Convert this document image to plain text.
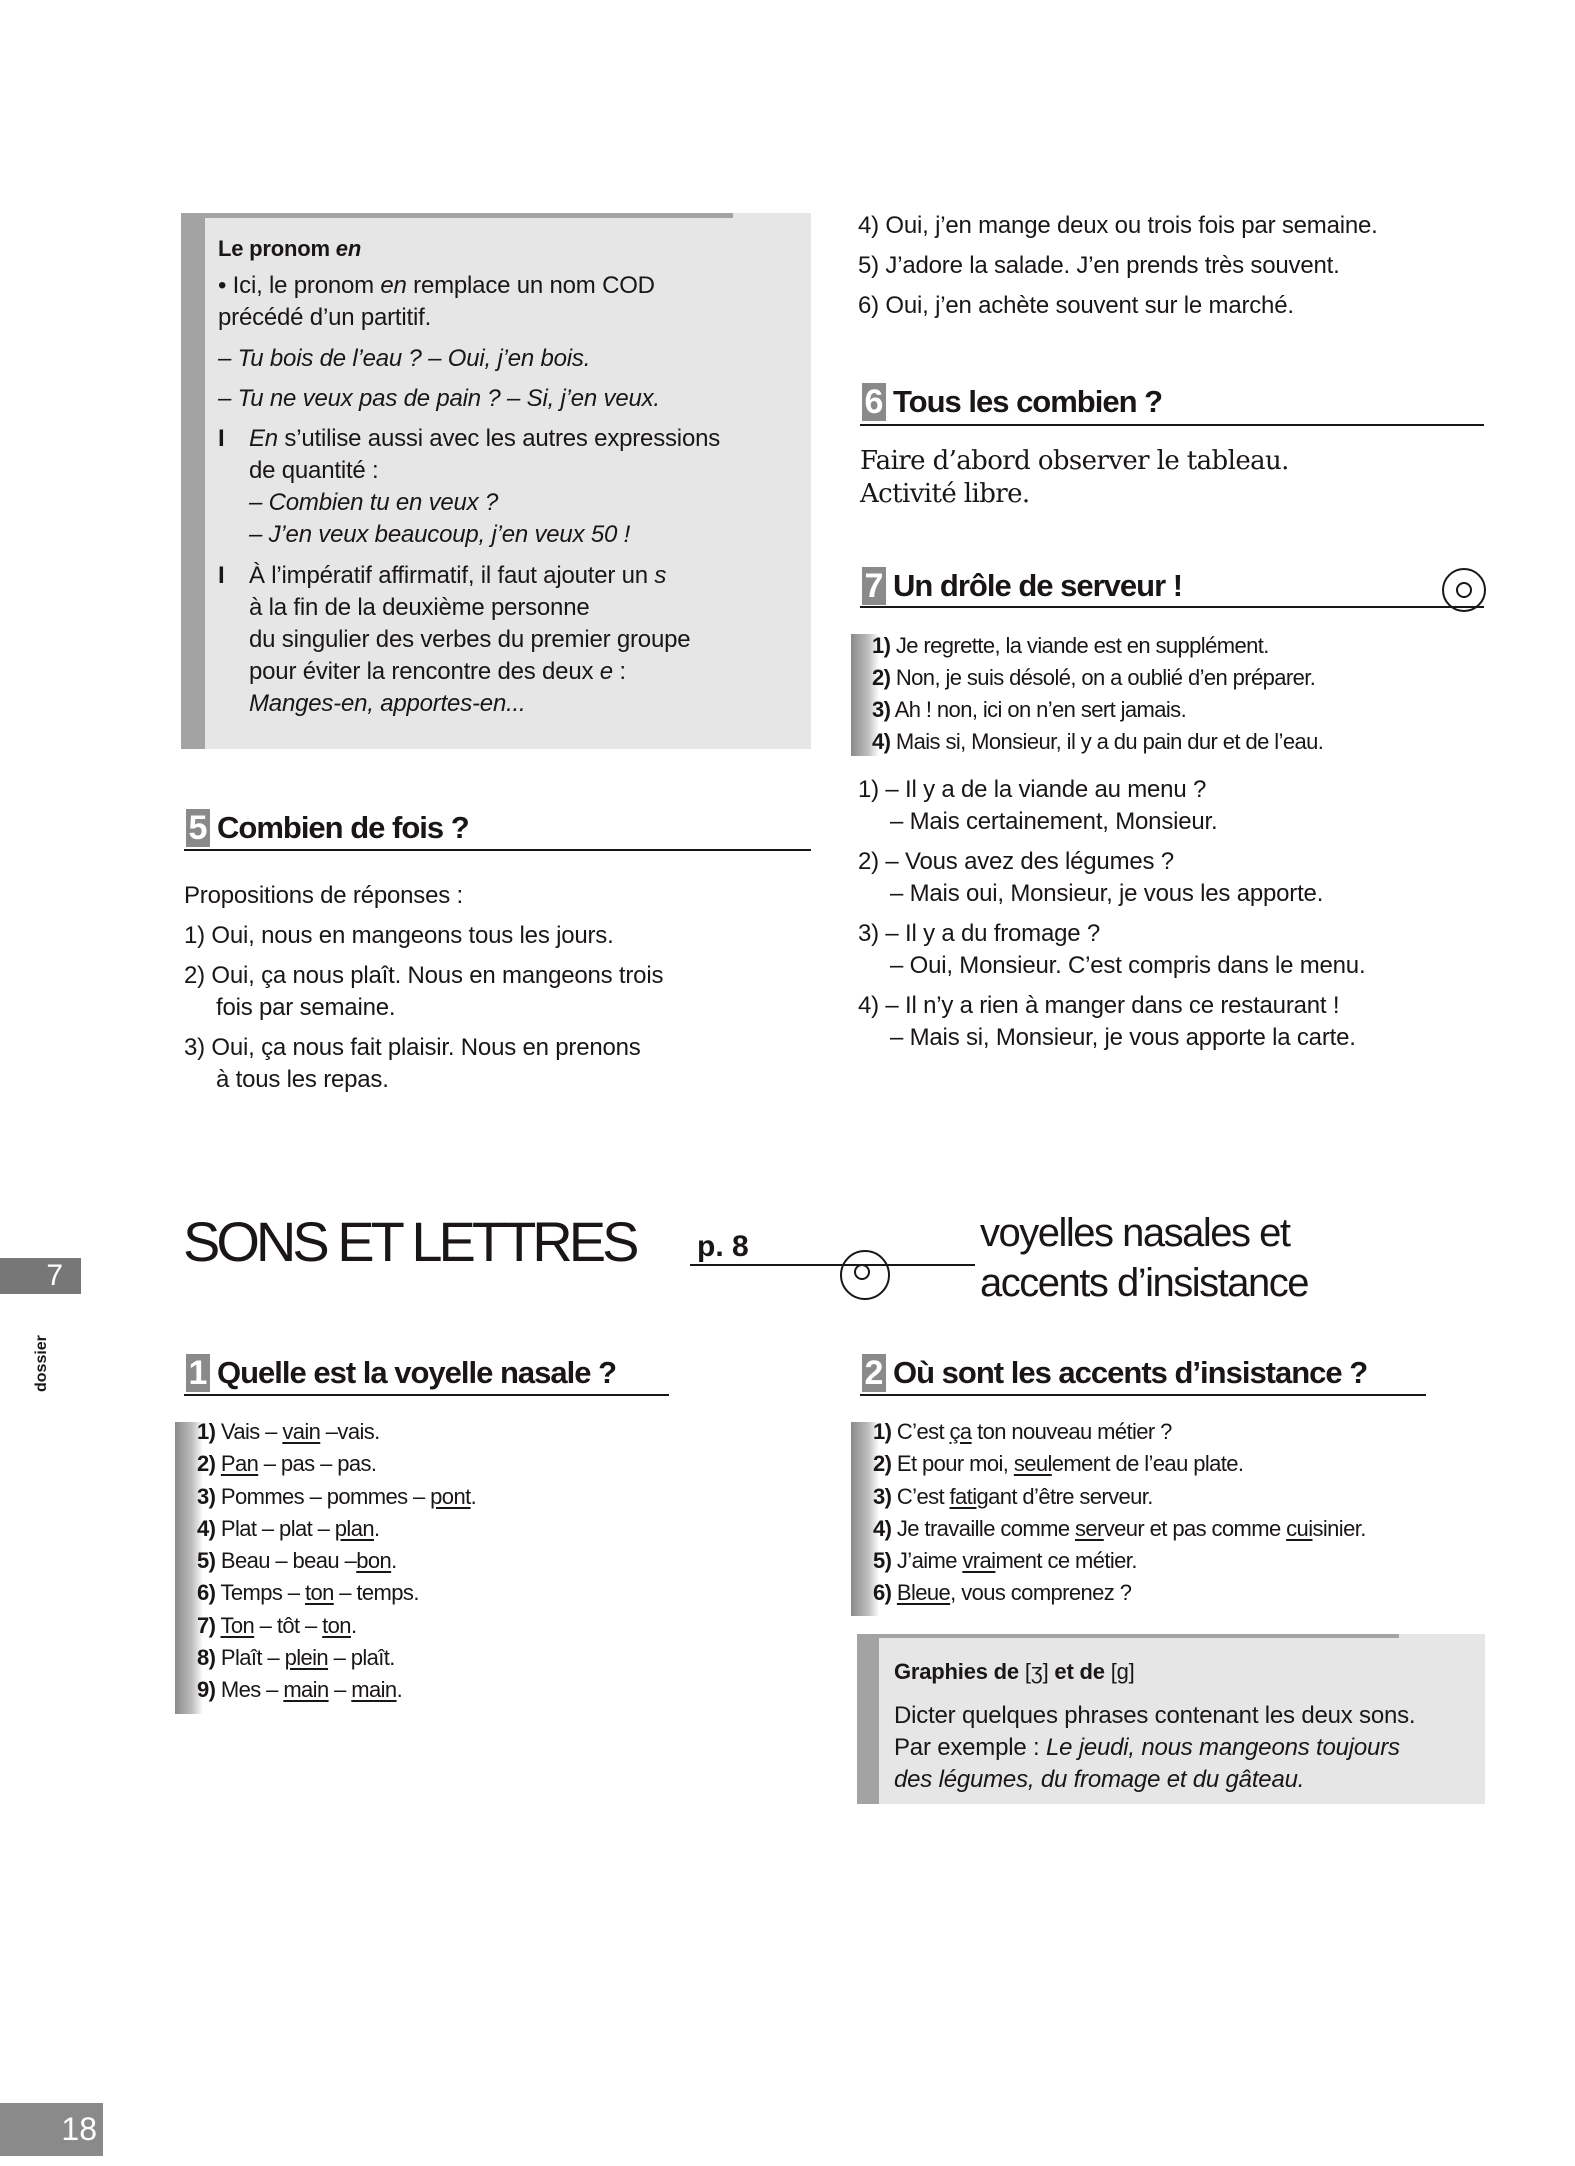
Le pronom en
• Ici, le pronom en remplace un nom COD
précédé d’un partitif.
– Tu bois de l’eau ? – Oui, j’en bois.
– Tu ne veux pas de pain ? – Si, j’en veux.
I En s’utilise aussi avec les autres expressions
de quantité :
– Combien tu en veux ?
– J’en veux beaucoup, j’en veux 50 !
I À l’impératif affirmatif, il faut ajouter un s
à la fin de la deuxième personne
du singulier des verbes du premier groupe
pour éviter la rencontre des deux e :
Manges-en, apportes-en...
4) Oui, j’en mange deux ou trois fois par semaine.
5) J’adore la salade. J’en prends très souvent.
6) Oui, j’en achète souvent sur le marché.
6 Tous les combien ?
Faire d’abord observer le tableau.
Activité libre.
7 Un drôle de serveur !
1) Je regrette, la viande est en supplément.
2) Non, je suis désolé, on a oublié d’en préparer.
3) Ah ! non, ici on n’en sert jamais.
4) Mais si, Monsieur, il y a du pain dur et de l’eau.
1) – Il y a de la viande au menu ?
– Mais certainement, Monsieur.
2) – Vous avez des légumes ?
– Mais oui, Monsieur, je vous les apporte.
3) – Il y a du fromage ?
– Oui, Monsieur. C’est compris dans le menu.
4) – Il n’y a rien à manger dans ce restaurant !
– Mais si, Monsieur, je vous apporte la carte.
5 Combien de fois ?
Propositions de réponses :
1) Oui, nous en mangeons tous les jours.
2) Oui, ça nous plaît. Nous en mangeons trois
fois par semaine.
3) Oui, ça nous fait plaisir. Nous en prenons
à tous les repas.
SONS ET LETTRES p. 8	voyelles nasales et
accents d’insistance
7
dossier	1 Quelle est la voyelle nasale ?
1) Vais – vain –vais.
2) Pan – pas – pas.
3) Pommes – pommes – pont.
4) Plat – plat – plan.
5) Beau – beau –bon.
6) Temps – ton – temps.
7) Ton – tôt – ton.
8) Plaît – plein – plaît.
9) Mes – main – main.
2 Où sont les accents d’insistance ?
1) C’est ça ton nouveau métier ?
2) Et pour moi, seulement de l’eau plate.
3) C’est fatigant d’être serveur.
4) Je travaille comme serveur et pas comme cuisinier.
5) J’aime vraiment ce métier.
6) Bleue, vous comprenez ?
Graphies de [ʒ] et de [g]
Dicter quelques phrases contenant les deux sons.
Par exemple : Le jeudi, nous mangeons toujours
des légumes, du fromage et du gâteau.
18
